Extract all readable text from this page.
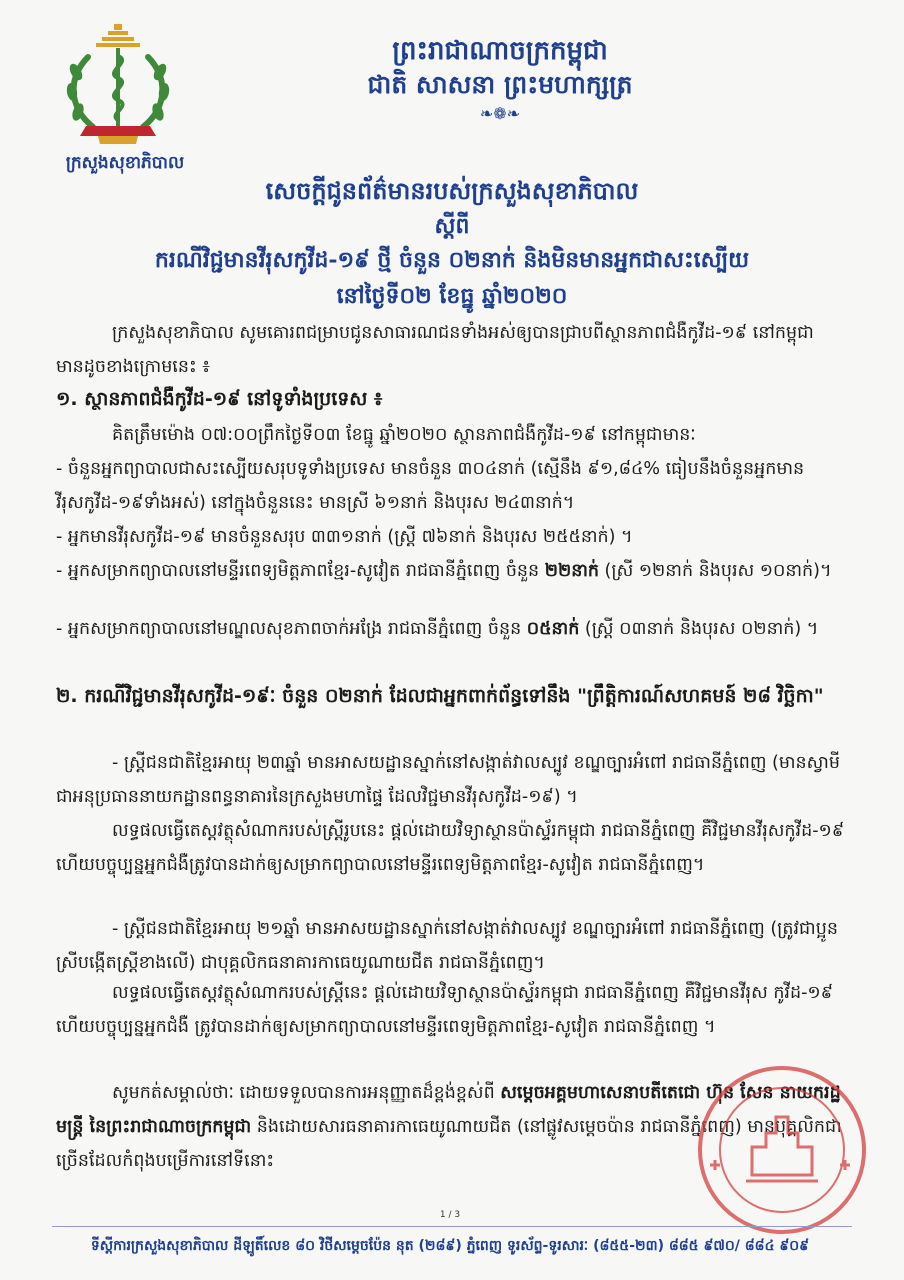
ក្រសួងសុខាភិបាល
ព្រះរាជាណាចក្រកម្ពុជា
ជាតិ សាសនា ព្រះមហាក្សត្រ
❧❁❧
សេចក្តីជូនព័ត៌មានរបស់ក្រសួងសុខាភិបាល
ស្តីពី
ករណីវិជ្ជមានវីរុសកូវីដ-១៩ ថ្មី ចំនួន ០២នាក់ និងមិនមានអ្នកជាសះស្បើយ
នៅថ្ងៃទី០២ ខែធ្នូ ឆ្នាំ២០២០
ក្រសួងសុខាភិបាល សូមគោរពជម្រាបជូនសាធារណជនទាំងអស់ឲ្យបានជ្រាបពីស្ថានភាពជំងឺកូវីដ-១៩ នៅកម្ពុជា មានដូចខាងក្រោមនេះ ៖
១. ស្ថានភាពជំងឺកូវីដ-១៩ នៅទូទាំងប្រទេស ៖
គិតត្រឹមម៉ោង ០៧:០០ព្រឹកថ្ងៃទី០៣ ខែធ្នូ ឆ្នាំ២០២០ ស្ថានភាពជំងឺកូវីដ-១៩ នៅកម្ពុជាមានៈ
- ចំនួនអ្នកព្យាបាលជាសះស្បើយសរុបទូទាំងប្រទេស មានចំនួន ៣០៤នាក់ (ស្មើនឹង ៩១,៨៤% ធៀបនឹងចំនួនអ្នកមានវីរុសកូវីដ-១៩ទាំងអស់) នៅក្នុងចំនួននេះ មានស្រី ៦១នាក់ និងបុរស ២៤៣នាក់។
- អ្នកមានវីរុសកូវីដ-១៩ មានចំនួនសរុប ៣៣១នាក់ (ស្ត្រី ៧៦នាក់ និងបុរស ២៥៥នាក់) ។
- អ្នកសម្រាកព្យាបាលនៅមន្ទីរពេទ្យមិត្តភាពខ្មែរ-សូវៀត រាជធានីភ្នំពេញ ចំនួន ២២នាក់ (ស្រី ១២នាក់ និងបុរស ១០នាក់)។
- អ្នកសម្រាកព្យាបាលនៅមណ្ឌលសុខភាពចាក់អង្រែ រាជធានីភ្នំពេញ ចំនួន ០៥នាក់ (ស្ត្រី ០៣នាក់ និងបុរស ០២នាក់) ។
២. ករណីវិជ្ជមានវីរុសកូវីដ-១៩ៈ ចំនួន ០២នាក់ ដែលជាអ្នកពាក់ព័ន្ធទៅនឹង "ព្រឹត្តិការណ៍សហគមន៍ ២៨ វិច្ឆិកា"
- ស្ត្រីជនជាតិខ្មែរអាយុ ២៣ឆ្នាំ មានអាសយដ្ឋានស្នាក់នៅសង្កាត់វាលស្បូវ ខណ្ឌច្បារអំពៅ រាជធានីភ្នំពេញ (មានស្វាមីជាអនុប្រធាននាយកដ្ឋានពន្ធនាគារនៃក្រសួងមហាផ្ទៃ ដែលវិជ្ជមានវីរុសកូវីដ-១៩) ។
លទ្ធផលធ្វើតេស្តវត្ថុសំណាករបស់ស្ត្រីរូបនេះ ផ្តល់ដោយវិទ្យាស្ថានប៉ាស្ទ័រកម្ពុជា រាជធានីភ្នំពេញ គឺវិជ្ជមានវីរុសកូវីដ-១៩ ហើយបច្ចុប្បន្នអ្នកជំងឺត្រូវបានដាក់ឲ្យសម្រាកព្យាបាលនៅមន្ទីរពេទ្យមិត្តភាពខ្មែរ-សូវៀត រាជធានីភ្នំពេញ។
- ស្ត្រីជនជាតិខ្មែរអាយុ ២១ឆ្នាំ មានអាសយដ្ឋានស្នាក់នៅសង្កាត់វាលស្បូវ ខណ្ឌច្បារអំពៅ រាជធានីភ្នំពេញ (ត្រូវជាប្អូនស្រីបង្កើតស្ត្រីខាងលើ) ជាបុគ្គលិកធនាគារកាធេយូណាយជីត រាជធានីភ្នំពេញ។
លទ្ធផលធ្វើតេស្តវត្ថុសំណាករបស់ស្ត្រីនេះ ផ្តល់ដោយវិទ្យាស្ថានប៉ាស្ទ័រកម្ពុជា រាជធានីភ្នំពេញ គឺវិជ្ជមានវីរុស កូវីដ-១៩ ហើយបច្ចុប្បន្នអ្នកជំងឺ ត្រូវបានដាក់ឲ្យសម្រាកព្យាបាលនៅមន្ទីរពេទ្យមិត្តភាពខ្មែរ-សូវៀត រាជធានីភ្នំពេញ ។
សូមកត់សម្គាល់ថាៈ ដោយទទួលបានការអនុញ្ញាតដ៏ខ្ពង់ខ្ពស់ពី សម្តេចអគ្គមហាសេនាបតីតេជោ ហ៊ុន សែន នាយករដ្ឋមន្ត្រី នៃព្រះរាជាណាចក្រកម្ពុជា និងដោយសារធនាគារកាធេយូណាយជីត (នៅផ្លូវសម្តេចប៉ាន រាជធានីភ្នំពេញ) មានបុគ្គលិកជាច្រើនដែលកំពុងបម្រើការនៅទីនោះ
1 / 3
ទីស្តីការក្រសួងសុខាភិបាល ដីឡូតិ៍លេខ ៨០ វិថីសម្តេចប៉ែន នុត (២៨៩) ភ្នំពេញ ទូរស័ព្ទ-ទូរសារៈ (៨៥៥-២៣) ៨៨៥ ៩៧០/ ៨៨៤ ៩០៩
